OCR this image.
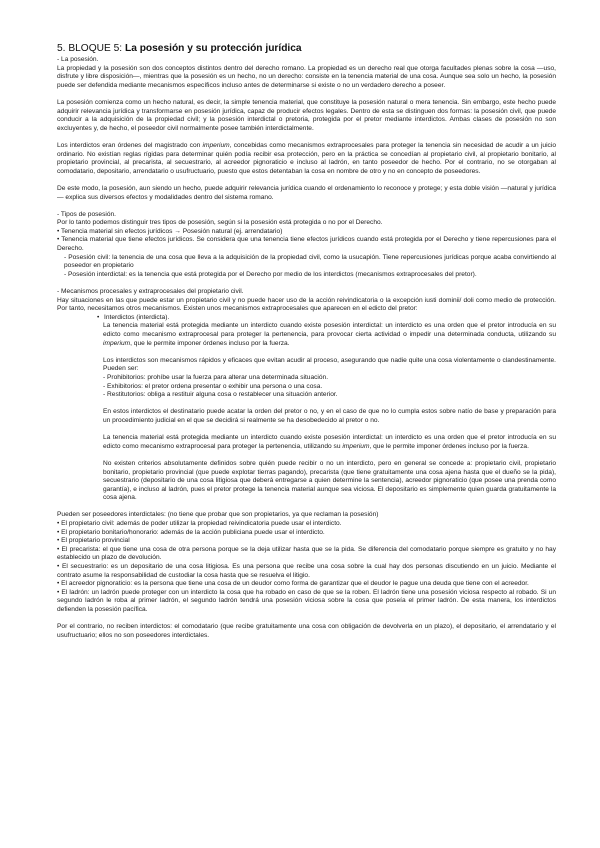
5. BLOQUE 5: La posesión y su protección jurídica

- La posesión.

La propiedad y la posesión son dos conceptos distintos dentro del derecho romano. La propiedad es un derecho real que otorga facultades plenas sobre la cosa —uso, disfrute y libre disposición—, mientras que la posesión es un hecho, no un derecho: consiste en la tenencia material de una cosa. Aunque sea solo un hecho, la posesión puede ser defendida mediante mecanismos específicos incluso antes de determinarse si existe o no un verdadero derecho a poseer.

La posesión comienza como un hecho natural, es decir, la simple tenencia material, que constituye la posesión natural o mera tenencia. Sin embargo, este hecho puede adquirir relevancia jurídica y transformarse en posesión jurídica, capaz de producir efectos legales. Dentro de esta se distinguen dos formas: la posesión civil, que puede conducir a la adquisición de la propiedad civil; y la posesión interdictal o pretoria, protegida por el pretor mediante interdictos. Ambas clases de posesión no son excluyentes y, de hecho, el poseedor civil normalmente posee también interdictalmente.

Los interdictos eran órdenes del magistrado con imperium, concebidas como mecanismos extraprocesales para proteger la tenencia sin necesidad de acudir a un juicio ordinario. No existían reglas rígidas para determinar quién podía recibir esa protección, pero en la práctica se concedían al propietario civil, al propietario bonitario, al propietario provincial, al precarista, al secuestrario, al acreedor pignoraticio e incluso al ladrón, en tanto poseedor de hecho. Por el contrario, no se otorgaban al comodatario, depositario, arrendatario o usufructuario, puesto que estos detentaban la cosa en nombre de otro y no en concepto de poseedores.

De este modo, la posesión, aun siendo un hecho, puede adquirir relevancia jurídica cuando el ordenamiento lo reconoce y protege; y esta doble visión —natural y jurídica— explica sus diversos efectos y modalidades dentro del sistema romano.

- Tipos de posesión.

Por lo tanto podemos distinguir tres tipos de posesión, según si la posesión está protegida o no por el Derecho.

• Tenencia material sin efectos jurídicos → Posesión natural (ej. arrendatario)

• Tenencia material que tiene efectos jurídicos. Se considera que una tenencia tiene efectos jurídicos cuando está protegida por el Derecho y tiene repercusiones para el Derecho.

- Posesión civil: la tenencia de una cosa que lleva a la adquisición de la propiedad civil, como la usucapión. Tiene repercusiones jurídicas porque acaba convirtiendo al poseedor en propietario

- Posesión interdictal: es la tenencia que está protegida por el Derecho por medio de los interdictos (mecanismos extraprocesales del pretor).

- Mecanismos procesales y extraprocesales del propietario civil.

Hay situaciones en las que puede estar un propietario civil y no puede hacer uso de la acción reivindicatoria o la excepción iusti dominii/ doli como medio de protección. Por tanto, necesitamos otros mecanismos. Existen unos mecanismos extraprocesales que aparecen en el edicto del pretor:

• Interdictos (interdicta).

La tenencia material está protegida mediante un interdicto cuando existe posesión interdictal: un interdicto es una orden que el pretor introducía en su edicto como mecanismo extraprocesal para proteger la pertenencia, para provocar cierta actividad o impedir una determinada conducta, utilizando su imperium, que le permite imponer órdenes incluso por la fuerza.

Los interdictos son mecanismos rápidos y eficaces que evitan acudir al proceso, asegurando que nadie quite una cosa violentamente o clandestinamente. Pueden ser:

- Prohibitorios: prohíbe usar la fuerza para alterar una determinada situación.

- Exhibitorios: el pretor ordena presentar o exhibir una persona o una cosa.

- Restitutorios: obliga a restituir alguna cosa o restablecer una situación anterior.

En estos interdictos el destinatario puede acatar la orden del pretor o no, y en el caso de que no lo cumpla estos sobre natío de base y preparación para un procedimiento judicial en el que se decidirá si realmente se ha desobedecido al pretor o no.

La tenencia material está protegida mediante un interdicto cuando existe posesión interdictal: un interdicto es una orden que el pretor introducía en su edicto como mecanismo extraprocesal para proteger la pertenencia, utilizando su imperium, que le permite imponer órdenes incluso por la fuerza.

No existen criterios absolutamente definidos sobre quién puede recibir o no un interdicto, pero en general se concede a: propietario civil, propietario bonitario, propietario provincial (que puede explotar tierras pagando), precarista (que tiene gratuitamente una cosa ajena hasta que el dueño se la pida), secuestrario (depositario de una cosa litigiosa que deberá entregarse a quien determine la sentencia), acreedor pignoraticio (que posee una prenda como garantía), e incluso al ladrón, pues el pretor protege la tenencia material aunque sea viciosa. El depositario es simplemente quien guarda gratuitamente la cosa ajena.

Pueden ser poseedores interdictales: (no tiene que probar que son propietarios, ya que reclaman la posesión)

• El propietario civil: además de poder utilizar la propiedad reivindicatoria puede usar el interdicto.

• El propietario bonitario/honorario: además de la acción publiciana puede usar el interdicto.

• El propietario provincial

• El precarista: el que tiene una cosa de otra persona porque se la deja utilizar hasta que se la pida. Se diferencia del comodatario porque siempre es gratuito y no hay establecido un plazo de devolución.

• El secuestrario: es un depositario de una cosa litigiosa. Es una persona que recibe una cosa sobre la cual hay dos personas discutiendo en un juicio. Mediante el contrato asume la responsabilidad de custodiar la cosa hasta que se resuelva el litigio.

• El acreedor pignoraticio: es la persona que tiene una cosa de un deudor como forma de garantizar que el deudor le pague una deuda que tiene con el acreedor.

• El ladrón: un ladrón puede proteger con un interdicto la cosa que ha robado en caso de que se la roben. El ladrón tiene una posesión viciosa respecto al robado. Si un segundo ladrón le roba al primer ladrón, el segundo ladrón tendrá una posesión viciosa sobre la cosa que poseía el primer ladrón. De esta manera, los interdictos defienden la posesión pacífica.

Por el contrario, no reciben interdictos: el comodatario (que recibe gratuitamente una cosa con obligación de devolverla en un plazo), el depositario, el arrendatario y el usufructuario; ellos no son poseedores interdictales.
